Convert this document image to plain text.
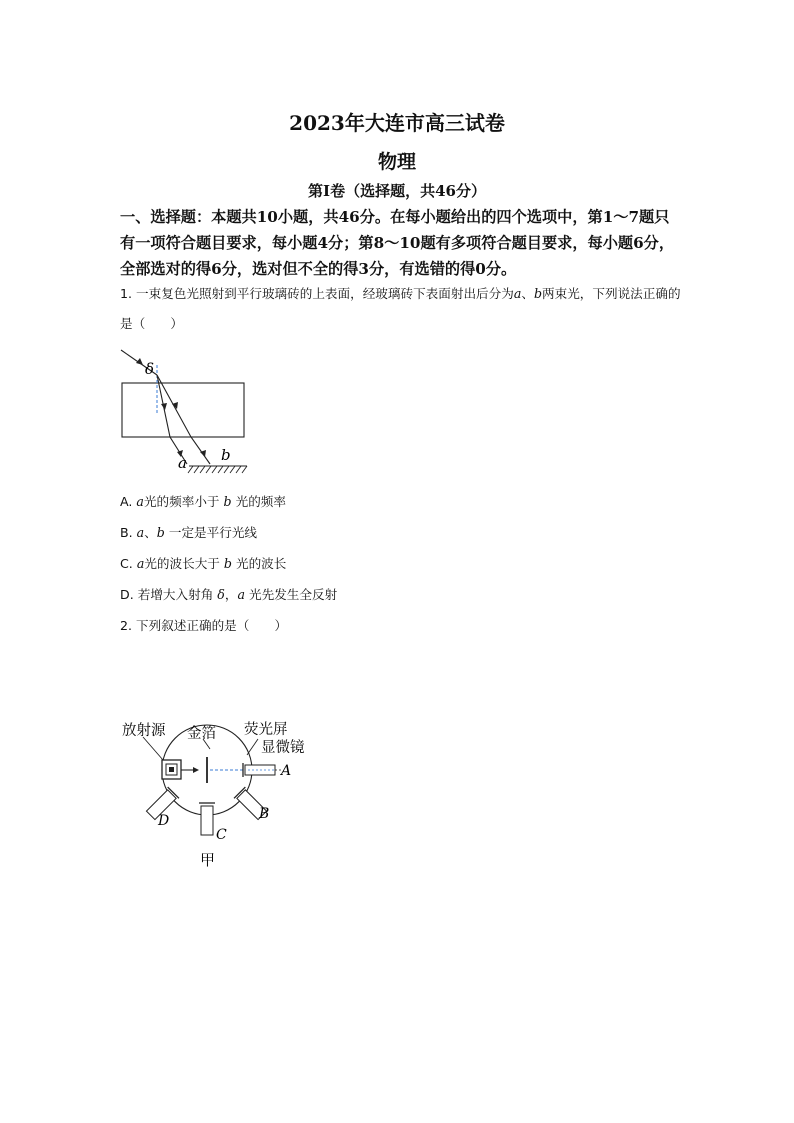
2023年大连市高三试卷
物理
第Ⅰ卷（选择题，共46分）
一、选择题：本题共10小题，共46分。在每小题给出的四个选项中，第1～7题只有一项符合题目要求，每小题4分；第8～10题有多项符合题目要求，每小题6分，全部选对的得6分，选对但不全的得3分，有选错的得0分。
1. 一束复色光照射到平行玻璃砖的上表面，经玻璃砖下表面射出后分为a、b两束光，下列说法正确的是（　　）
δ
a b
A. a光的频率小于 b 光的频率
B. a、b 一定是平行光线
C. a光的波长大于 b 光的波长
D. 若增大入射角 δ，a 光先发生全反射
2. 下列叙述正确的是（　　）
放射源 金箔 荧光屏
显微镜
A
B
C
D
甲
